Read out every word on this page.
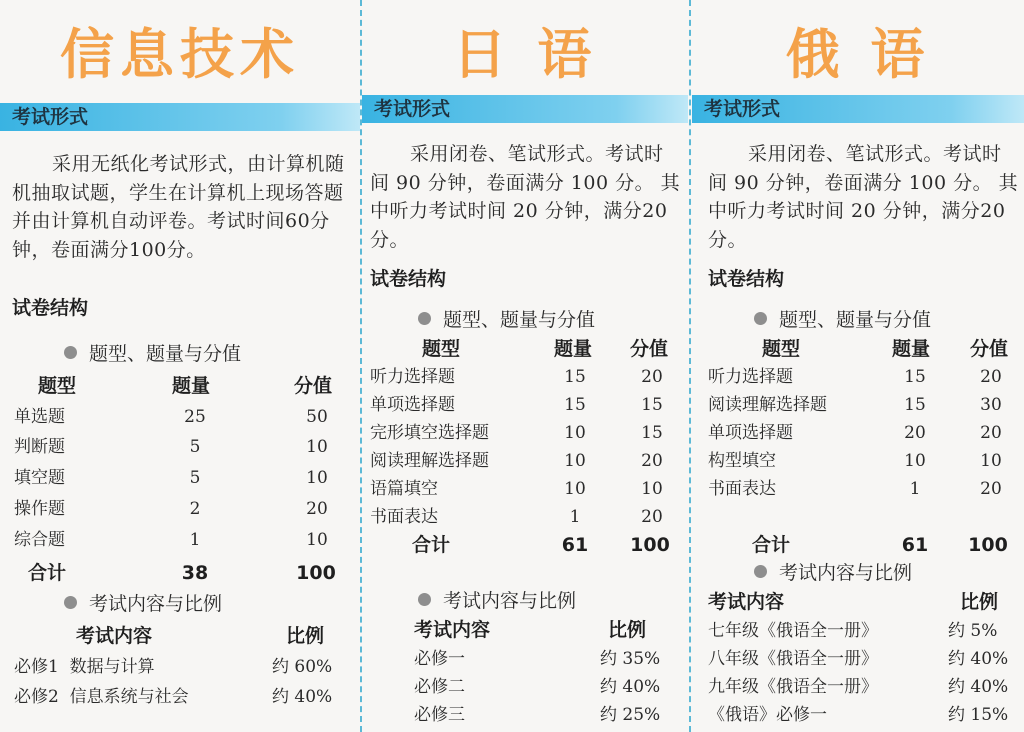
信息技术
考试形式
采用无纸化考试形式，由计算机随机抽取试题，学生在计算机上现场答题并由计算机自动评卷。考试时间60分钟，卷面满分100分。
试卷结构
题型、题量与分值
题型	题量	分值
单选题	25	50
判断题	5	10
填空题	5	10
操作题	2	20
综合题	1	10
合计	38	100
考试内容与比例
考试内容	比例
必修1  数据与计算	约 60%
必修2  信息系统与社会	约 40%
日 语
考试形式
采用闭卷、笔试形式。考试时间 90 分钟，卷面满分 100 分。 其中听力考试时间 20 分钟，满分20分。
试卷结构
题型、题量与分值
题型	题量 分值
听力选择题	15	20
单项选择题	15	15
完形填空选择题	10	15
阅读理解选择题	10	20
语篇填空	10	10
书面表达	1	20
合计	61	100
考试内容与比例
考试内容	比例
必修一	约 35%
必修二	约 40%
必修三	约 25%
俄 语
考试形式
采用闭卷、笔试形式。考试时间 90 分钟，卷面满分 100 分。 其中听力考试时间 20 分钟，满分20分。
试卷结构
题型、题量与分值
题型	题量 分值
听力选择题	15	20
阅读理解选择题	15	30
单项选择题	20	20
构型填空	10	10
书面表达	1	20
合计	61	100
考试内容与比例
考试内容	比例
七年级《俄语全一册》	约 5%
八年级《俄语全一册》	约 40%
九年级《俄语全一册》	约 40%
《俄语》必修一	约 15%
